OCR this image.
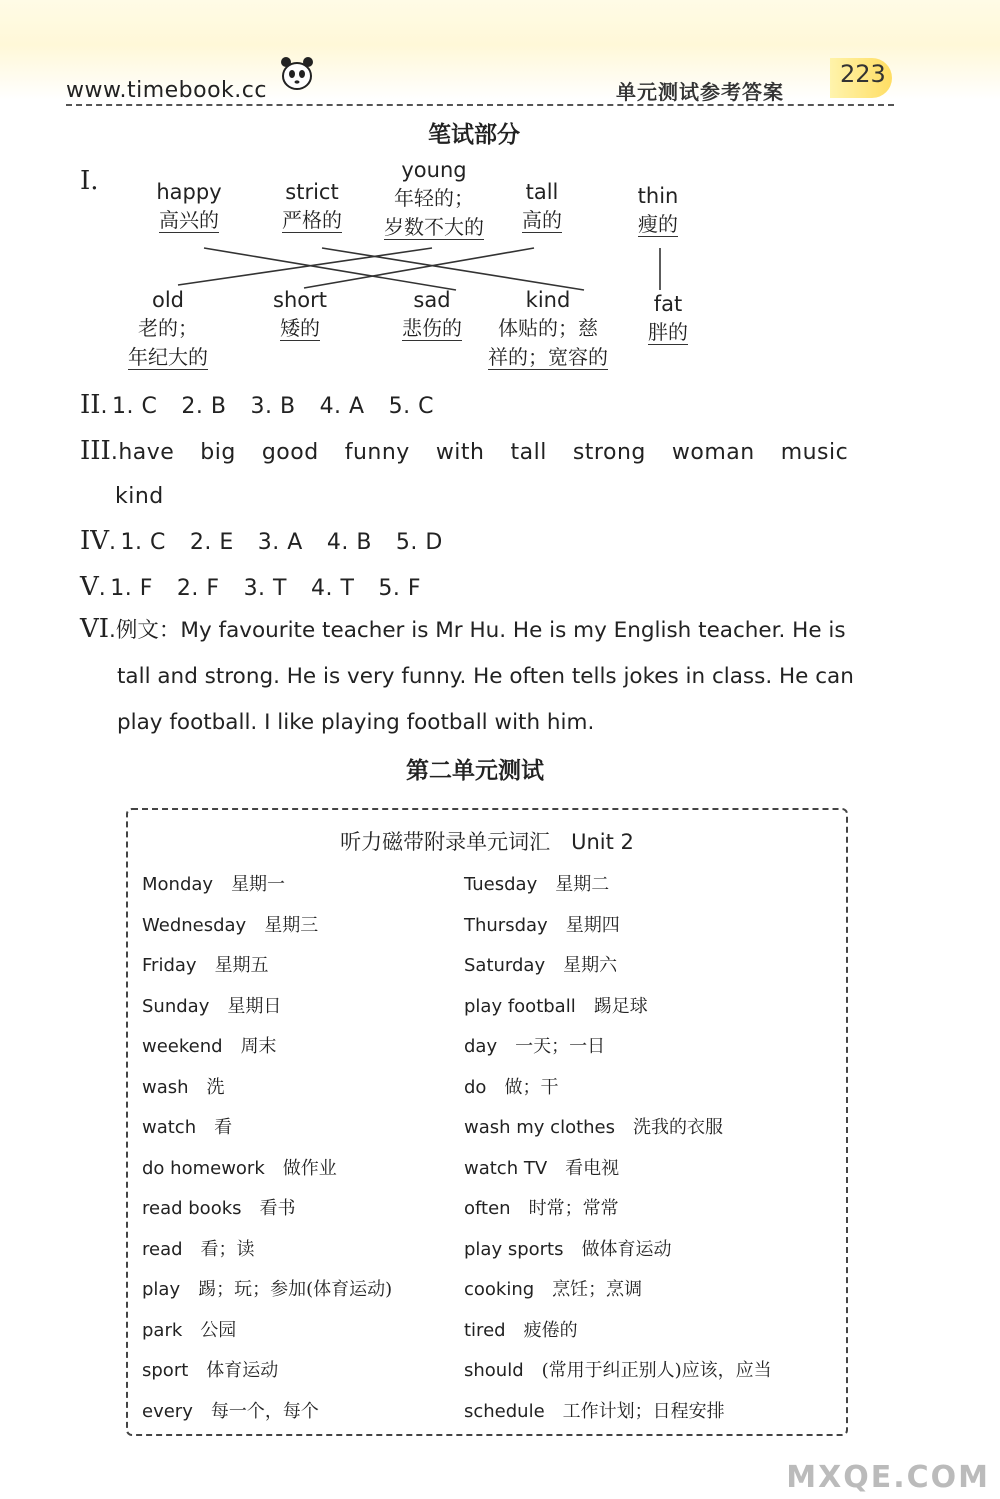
www.timebook.cc	单元测试参考答案
223
笔试部分
I.	happy
高兴的
strict
严格的
young
年轻的；
岁数不大的
tall
高的
thin
瘦的
old
老的；
年纪大的
short
矮的
sad
悲伤的
kind
体贴的；慈
祥的；宽容的
fat
胖的
II . 1. C 2. B 3. B 4. A 5. C
III . have big good funny with tall strong woman music
kind
IV . 1. C 2. E 3. A 4. B 5. D
V . 1. F 2. F 3. T 4. T 5. F
VI . 例文：My favourite teacher is Mr Hu. He is my English teacher. He is
tall and strong. He is very funny. He often tells jokes in class. He can
play football. I like playing football with him.
第二单元测试
听力磁带附录单元词汇　Unit 2
Monday 星期一
Wednesday 星期三
Friday 星期五
Sunday 星期日
weekend 周末
wash 洗
watch 看
do homework 做作业
read books 看书
read 看；读
play 踢；玩；参加(体育运动)
park 公园
sport 体育运动
every 每一个，每个
Tuesday 星期二
Thursday 星期四
Saturday 星期六
play football 踢足球
day 一天；一日
do 做；干
wash my clothes 洗我的衣服
watch TV 看电视
often 时常；常常
play sports 做体育运动
cooking 烹饪；烹调
tired 疲倦的
should (常用于纠正别人)应该，应当
schedule 工作计划；日程安排
MXQE.COM
